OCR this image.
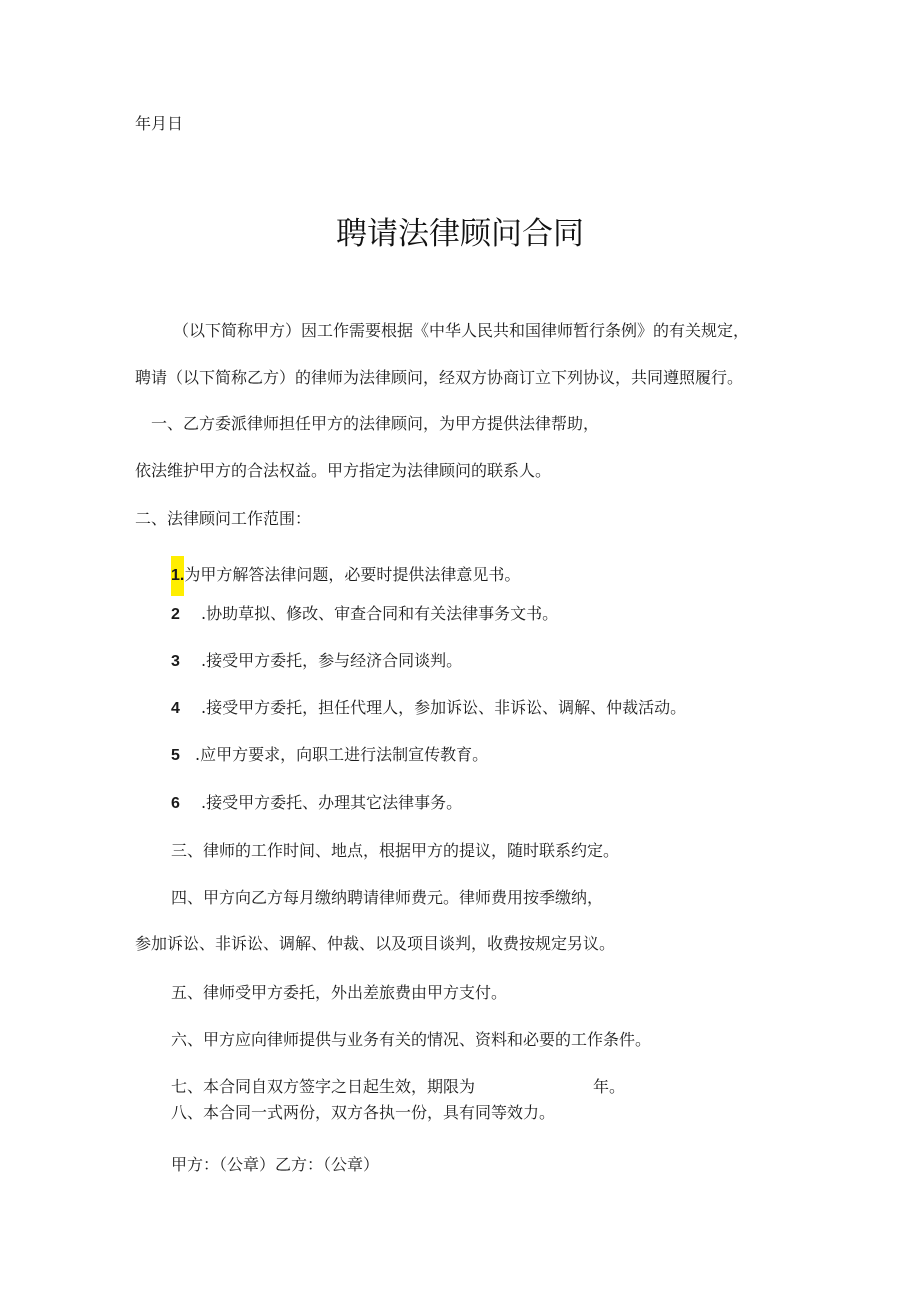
年月日
聘请法律顾问合同
（以下简称甲方）因工作需要根据《中华人民共和国律师暂行条例》的有关规定，
聘请（以下简称乙方）的律师为法律顾问，经双方协商订立下列协议，共同遵照履行。
一、乙方委派律师担任甲方的法律顾问，为甲方提供法律帮助，
依法维护甲方的合法权益。甲方指定为法律顾问的联系人。
二、法律顾问工作范围：
1.为甲方解答法律问题，必要时提供法律意见书。
2 .协助草拟、修改、审查合同和有关法律事务文书。
3 .接受甲方委托，参与经济合同谈判。
4 .接受甲方委托，担任代理人，参加诉讼、非诉讼、调解、仲裁活动。
5 .应甲方要求，向职工进行法制宣传教育。
6 .接受甲方委托、办理其它法律事务。
三、律师的工作时间、地点，根据甲方的提议，随时联系约定。
四、甲方向乙方每月缴纳聘请律师费元。律师费用按季缴纳，
参加诉讼、非诉讼、调解、仲裁、以及项目谈判，收费按规定另议。
五、律师受甲方委托，外出差旅费由甲方支付。
六、甲方应向律师提供与业务有关的情况、资料和必要的工作条件。
七、本合同自双方签字之日起生效，期限为	年。
八、本合同一式两份，双方各执一份，具有同等效力。
甲方：（公章）乙方：（公章）
